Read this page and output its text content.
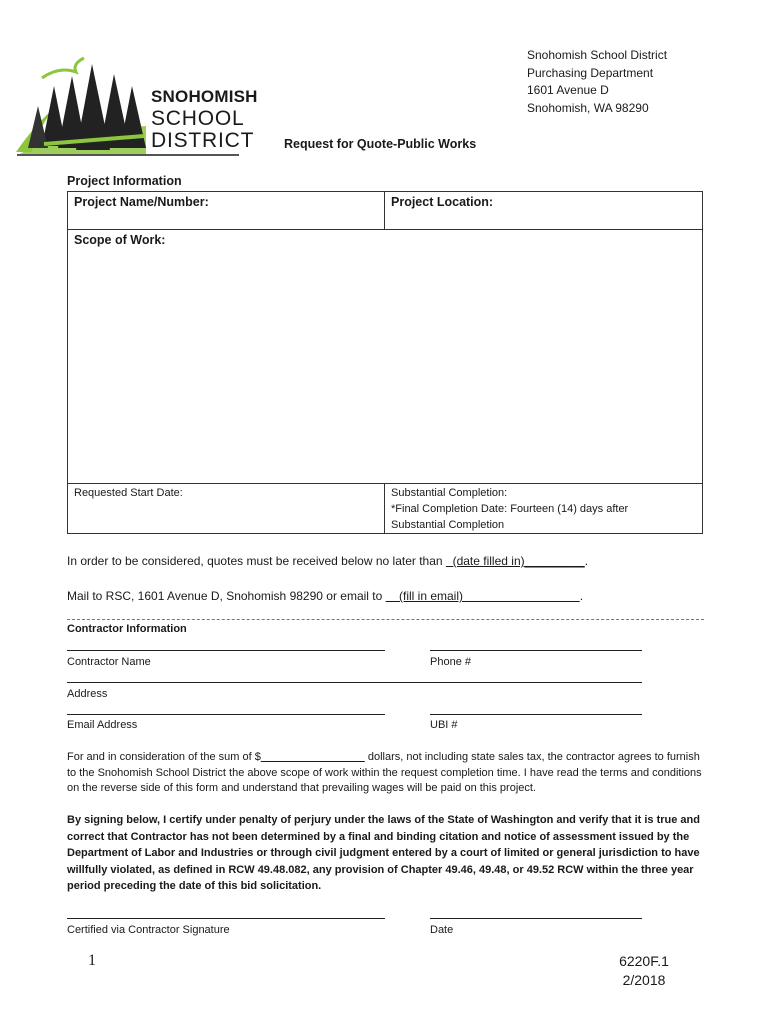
SNOHOMISH
SCHOOL
DISTRICT
Snohomish School District
Purchasing Department
1601 Avenue D
Snohomish, WA 98290
Request for Quote-Public Works
Project Information
Project Name/Number:	Project Location:
Scope of Work:	
Requested Start Date:	Substantial Completion:
*Final Completion Date: Fourteen (14) days after
Substantial Completion
In order to be considered, quotes must be received below no later than (date filled in)_________.
Mail to RSC, 1601 Avenue D, Snohomish 98290 or email to (fill in email)	.
Contractor Information
Contractor Name	Phone #
Address
Email Address	UBI #
For and in consideration of the sum of $	dollars, not including state sales tax, the contractor agrees to furnish to the Snohomish School District the above scope of work within the request completion time. I have read the terms and conditions on the reverse side of this form and understand that prevailing wages will be paid on this project.
By signing below, I certify under penalty of perjury under the laws of the State of Washington and verify that it is true and correct that Contractor has not been determined by a final and binding citation and notice of assessment issued by the Department of Labor and Industries or through civil judgment entered by a court of limited or general jurisdiction to have willfully violated, as defined in RCW 49.48.082, any provision of Chapter 49.46, 49.48, or 49.52 RCW within the three year period preceding the date of this bid solicitation.
Certified via Contractor Signature	Date
1	6220F.1
2/2018
